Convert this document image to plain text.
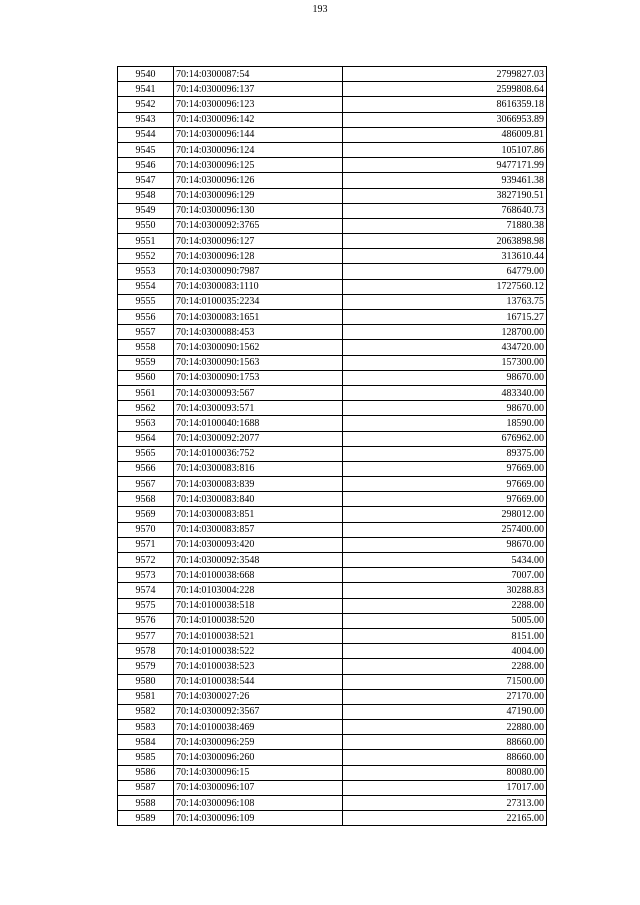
193
9540	70:14:0300087:54	2799827.03
9541	70:14:0300096:137	2599808.64
9542	70:14:0300096:123	8616359.18
9543	70:14:0300096:142	3066953.89
9544	70:14:0300096:144	486009.81
9545	70:14:0300096:124	105107.86
9546	70:14:0300096:125	9477171.99
9547	70:14:0300096:126	939461.38
9548	70:14:0300096:129	3827190.51
9549	70:14:0300096:130	768640.73
9550	70:14:0300092:3765	71880.38
9551	70:14:0300096:127	2063898.98
9552	70:14:0300096:128	313610.44
9553	70:14:0300090:7987	64779.00
9554	70:14:0300083:1110	1727560.12
9555	70:14:0100035:2234	13763.75
9556	70:14:0300083:1651	16715.27
9557	70:14:0300088:453	128700.00
9558	70:14:0300090:1562	434720.00
9559	70:14:0300090:1563	157300.00
9560	70:14:0300090:1753	98670.00
9561	70:14:0300093:567	483340.00
9562	70:14:0300093:571	98670.00
9563	70:14:0100040:1688	18590.00
9564	70:14:0300092:2077	676962.00
9565	70:14:0100036:752	89375.00
9566	70:14:0300083:816	97669.00
9567	70:14:0300083:839	97669.00
9568	70:14:0300083:840	97669.00
9569	70:14:0300083:851	298012.00
9570	70:14:0300083:857	257400.00
9571	70:14:0300093:420	98670.00
9572	70:14:0300092:3548	5434.00
9573	70:14:0100038:668	7007.00
9574	70:14:0103004:228	30288.83
9575	70:14:0100038:518	2288.00
9576	70:14:0100038:520	5005.00
9577	70:14:0100038:521	8151.00
9578	70:14:0100038:522	4004.00
9579	70:14:0100038:523	2288.00
9580	70:14:0100038:544	71500.00
9581	70:14:0300027:26	27170.00
9582	70:14:0300092:3567	47190.00
9583	70:14:0100038:469	22880.00
9584	70:14:0300096:259	88660.00
9585	70:14:0300096:260	88660.00
9586	70:14:0300096:15	80080.00
9587	70:14:0300096:107	17017.00
9588	70:14:0300096:108	27313.00
9589	70:14:0300096:109	22165.00
